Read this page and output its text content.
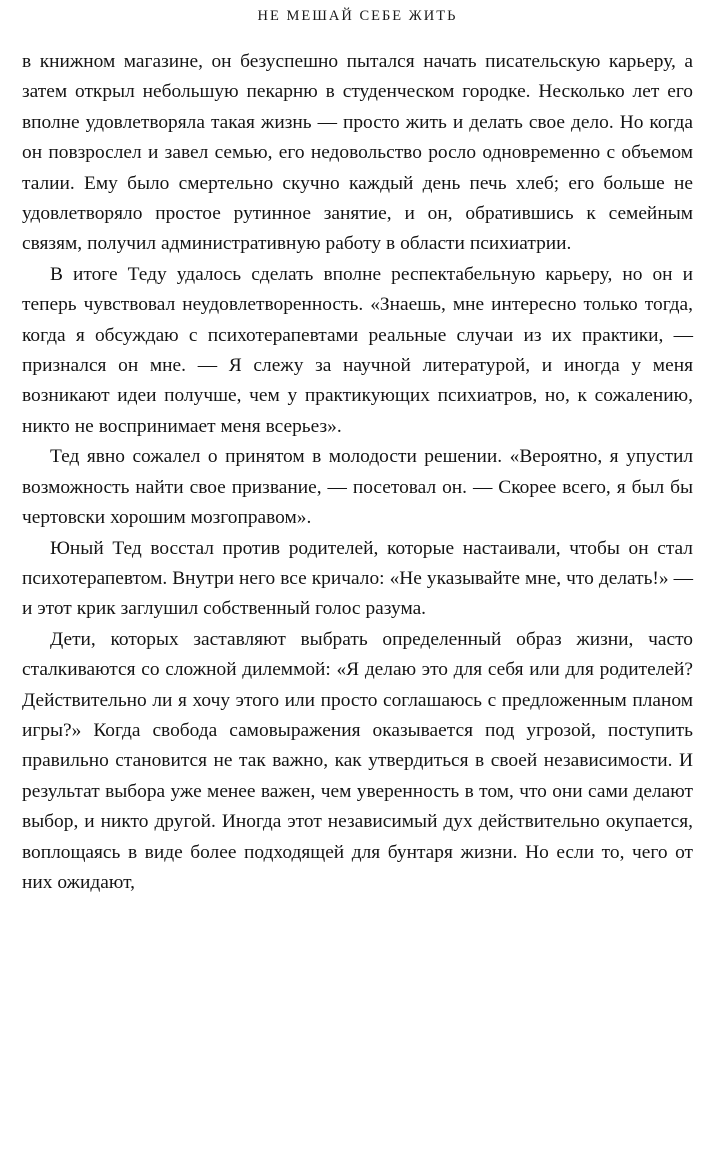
НЕ МЕШАЙ СЕБЕ ЖИТЬ

в книжном магазине, он безуспешно пытался начать писательскую карьеру, а затем открыл небольшую пекарню в студенческом городке. Несколько лет его вполне удовлетворяла такая жизнь — просто жить и делать свое дело. Но когда он повзрослел и завел семью, его недовольство росло одновременно с объемом талии. Ему было смертельно скучно каждый день печь хлеб; его больше не удовлетворяло простое рутинное занятие, и он, обратившись к семейным связям, получил административную работу в области психиатрии.

В итоге Теду удалось сделать вполне респектабельную карьеру, но он и теперь чувствовал неудовлетворенность. «Знаешь, мне интересно только тогда, когда я обсуждаю с психотерапевтами реальные случаи из их практики, — признался он мне. — Я слежу за научной литературой, и иногда у меня возникают идеи получше, чем у практикующих психиатров, но, к сожалению, никто не воспринимает меня всерьез».

Тед явно сожалел о принятом в молодости решении. «Вероятно, я упустил возможность найти свое призвание, — посетовал он. — Скорее всего, я был бы чертовски хорошим мозгоправом».

Юный Тед восстал против родителей, которые настаивали, чтобы он стал психотерапевтом. Внутри него все кричало: «Не указывайте мне, что делать!» — и этот крик заглушил собственный голос разума.

Дети, которых заставляют выбрать определенный образ жизни, часто сталкиваются со сложной дилеммой: «Я делаю это для себя или для родителей? Действительно ли я хочу этого или просто соглашаюсь с предложенным планом игры?» Когда свобода самовыражения оказывается под угрозой, поступить правильно становится не так важно, как утвердиться в своей независимости. И результат выбора уже менее важен, чем уверенность в том, что они сами делают выбор, и никто другой. Иногда этот независимый дух действительно окупается, воплощаясь в виде более подходящей для бунтаря жизни. Но если то, чего от них ожидают,
